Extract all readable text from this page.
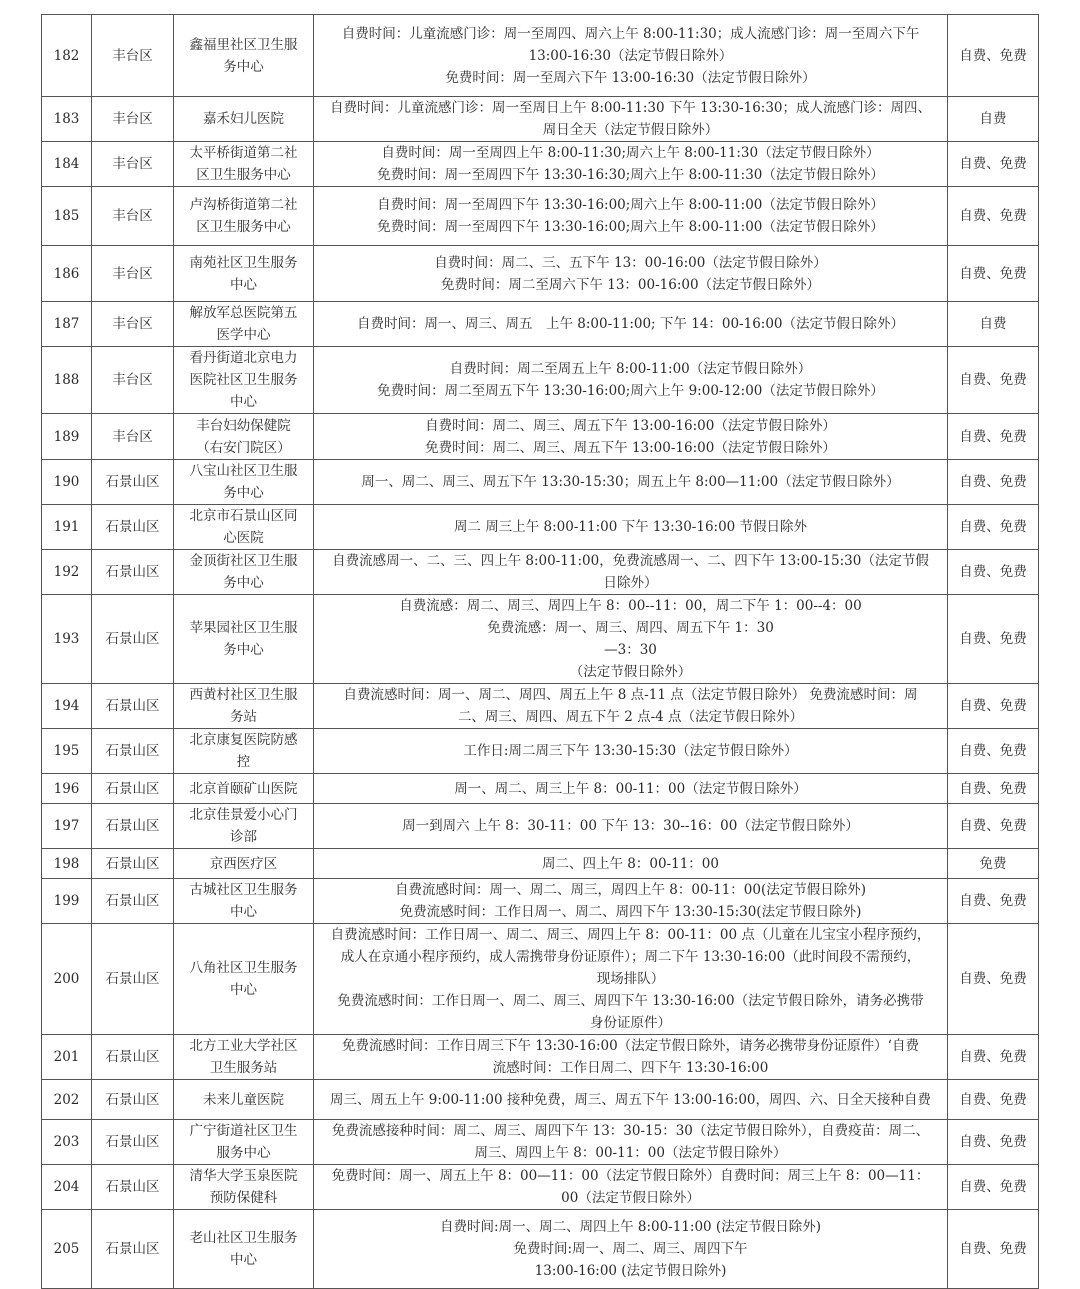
182	丰台区	鑫福里社区卫生服
务中心	自费时间：儿童流感门诊：周一至周四、周六上午 8:00-11:30；成人流感门诊：周一至周六下午
13:00-16:30（法定节假日除外）
免费时间：周一至周六下午 13:00-16:30（法定节假日除外）	自费、免费
183	丰台区	嘉禾妇儿医院	自费时间：儿童流感门诊：周一至周日上午 8:00-11:30 下午 13:30-16:30；成人流感门诊：周四、
周日全天（法定节假日除外）	自费
184	丰台区	太平桥街道第二社
区卫生服务中心	自费时间：周一至周四上午 8:00-11:30;周六上午 8:00-11:30（法定节假日除外）
免费时间：周一至周四下午 13:30-16:30;周六上午 8:00-11:30（法定节假日除外）	自费、免费
185	丰台区	卢沟桥街道第二社
区卫生服务中心	自费时间：周一至周四下午 13:30-16:00;周六上午 8:00-11:00（法定节假日除外）
免费时间：周一至周四下午 13:30-16:00;周六上午 8:00-11:00（法定节假日除外）	自费、免费
186	丰台区	南苑社区卫生服务
中心	自费时间：周二、三、五下午 13：00-16:00（法定节假日除外）
免费时间：周二至周六下午 13：00-16:00（法定节假日除外）	自费、免费
187	丰台区	解放军总医院第五
医学中心	自费时间：周一、周三、周五　上午 8:00-11:00; 下午 14：00-16:00（法定节假日除外）	自费
188	丰台区	看丹街道北京电力
医院社区卫生服务
中心	自费时间：周二至周五上午 8:00-11:00（法定节假日除外）
免费时间：周二至周五下午 13:30-16:00;周六上午 9:00-12:00（法定节假日除外）	自费、免费
189	丰台区	丰台妇幼保健院
（右安门院区）	自费时间：周二、周三、周五下午 13:00-16:00（法定节假日除外）
免费时间：周二、周三、周五下午 13:00-16:00（法定节假日除外）	自费、免费
190	石景山区	八宝山社区卫生服
务中心	周一、周二、周三、周五下午 13:30-15:30；周五上午 8:00—11:00（法定节假日除外）	自费、免费
191	石景山区	北京市石景山区同
心医院	周二 周三上午 8:00-11:00 下午 13:30-16:00 节假日除外	自费、免费
192	石景山区	金顶街社区卫生服
务中心	自费流感周一、二、三、四上午 8:00-11:00，免费流感周一、二、四下午 13:00-15:30（法定节假
日除外）	自费、免费
193	石景山区	苹果园社区卫生服
务中心	自费流感：周二、周三、周四上午 8：00--11：00，周二下午 1：00--4：00
免费流感：周一、周三、周四、周五下午 1：30
—3：30
（法定节假日除外）	自费、免费
194	石景山区	西黄村社区卫生服
务站	自费流感时间：周一、周二、周四、周五上午 8 点-11 点（法定节假日除外） 免费流感时间：周
二、周三、周四、周五下午 2 点-4 点（法定节假日除外）	自费、免费
195	石景山区	北京康复医院防感
控	工作日:周二周三下午 13:30-15:30（法定节假日除外）	自费、免费
196	石景山区	北京首颐矿山医院	周一、周二、周三上午 8：00-11：00（法定节假日除外）	自费、免费
197	石景山区	北京佳景爱小心门
诊部	周一到周六 上午 8：30-11：00 下午 13：30--16：00（法定节假日除外）	自费、免费
198	石景山区	京西医疗区	周二、四上午 8：00-11：00	免费
199	石景山区	古城社区卫生服务
中心	自费流感时间：周一、周二、周三，周四上午 8：00-11：00(法定节假日除外)
免费流感时间：工作日周一、周二、周四下午 13:30-15:30(法定节假日除外)	自费、免费
200	石景山区	八角社区卫生服务
中心	自费流感时间：工作日周一、周二、周三、周四上午 8：00-11：00 点（儿童在儿宝宝小程序预约，
成人在京通小程序预约，成人需携带身份证原件）；周二下午 13:30-16:00（此时间段不需预约，
现场排队）
免费流感时间：工作日周一、周二、周三、周四下午 13:30-16:00（法定节假日除外，请务必携带
身份证原件）	自费、免费
201	石景山区	北方工业大学社区
卫生服务站	免费流感时间：工作日周三下午 13:30-16:00（法定节假日除外，请务必携带身份证原件）‘自费
流感时间：工作日周二、四下午 13:30-16:00	自费、免费
202	石景山区	未来儿童医院	周三、周五上午 9:00-11:00 接种免费，周三、周五下午 13:00-16:00，周四、六、日全天接种自费	自费、免费
203	石景山区	广宁街道社区卫生
服务中心	免费流感接种时间：周二、周三、周四下午 13：30-15：30（法定节假日除外），自费疫苗：周二、
周三、周四上午 8：00-11：00（法定节假日除外）	自费、免费
204	石景山区	清华大学玉泉医院
预防保健科	免费时间：周一、周五上午 8：00—11：00（法定节假日除外）自费时间：周三上午 8：00—11：
00（法定节假日除外）	自费、免费
205	石景山区	老山社区卫生服务
中心	自费时间:周一、周二、周四上午 8:00-11:00 (法定节假日除外)
免费时间:周一、周二、周三、周四下午
13:00-16:00 (法定节假日除外)	自费、免费
